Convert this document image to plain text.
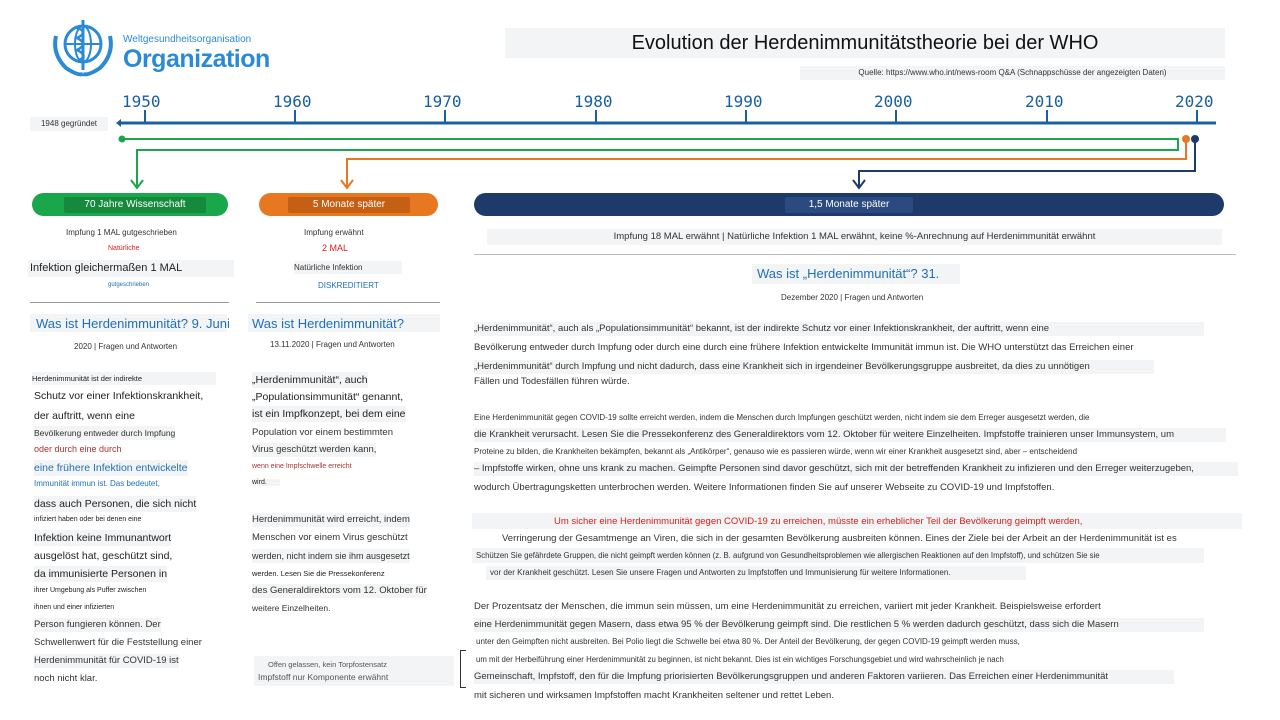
Weltgesundheitsorganisation
Organization
Evolution der Herdenimmunitätstheorie bei der WHO
Quelle: https://www.who.int/news-room Q&A (Schnappschüsse der angezeigten Daten)
1950	1960	1970	1980	1990	2000	2010	2020
1948 gegründet
70 Jahre Wissenschaft	5 Monate später	1,5 Monate später
Impfung 1 MAL gutgeschrieben
Natürliche
Infektion gleichermaßen 1 MAL
gutgeschrieben
Was ist Herdenimmunität? 9. Juni
2020 | Fragen und Antworten
Herdenimmunität ist der indirekte
Schutz vor einer Infektionskrankheit,
der auftritt, wenn eine
Bevölkerung entweder durch Impfung
oder durch eine durch
eine frühere Infektion entwickelte
Immunität immun ist. Das bedeutet,
dass auch Personen, die sich nicht
infiziert haben oder bei denen eine
Infektion keine Immunantwort
ausgelöst hat, geschützt sind,
da immunisierte Personen in
ihrer Umgebung als Puffer zwischen
ihnen und einer infizierten
Person fungieren können. Der
Schwellenwert für die Feststellung einer
Herdenimmunität für COVID-19 ist
noch nicht klar.
Impfung erwähnt
2 MAL
Natürliche Infektion
DISKREDITIERT
Was ist Herdenimmunität?
13.11.2020 | Fragen und Antworten
„Herdenimmunität“, auch
„Populationsimmunität“ genannt,
ist ein Impfkonzept, bei dem eine
Population vor einem bestimmten
Virus geschützt werden kann,
wenn eine Impfschwelle erreicht
wird.
Herdenimmunität wird erreicht, indem
Menschen vor einem Virus geschützt
werden, nicht indem sie ihm ausgesetzt
werden. Lesen Sie die Pressekonferenz
des Generaldirektors vom 12. Oktober für
weitere Einzelheiten.
Offen gelassen, kein Torpfostensatz
Impfstoff nur Komponente erwähnt
Impfung 18 MAL erwähnt | Natürliche Infektion 1 MAL erwähnt, keine %-Anrechnung auf Herdenimmunität erwähnt
Was ist „Herdenimmunität“? 31.
Dezember 2020 | Fragen und Antworten
„Herdenimmunität“, auch als „Populationsimmunität“ bekannt, ist der indirekte Schutz vor einer Infektionskrankheit, der auftritt, wenn eine
Bevölkerung entweder durch Impfung oder durch eine durch eine frühere Infektion entwickelte Immunität immun ist. Die WHO unterstützt das Erreichen einer
„Herdenimmunität“ durch Impfung und nicht dadurch, dass eine Krankheit sich in irgendeiner Bevölkerungsgruppe ausbreitet, da dies zu unnötigen
Fällen und Todesfällen führen würde.
Eine Herdenimmunität gegen COVID-19 sollte erreicht werden, indem die Menschen durch Impfungen geschützt werden, nicht indem sie dem Erreger ausgesetzt werden, die
die Krankheit verursacht. Lesen Sie die Pressekonferenz des Generaldirektors vom 12. Oktober für weitere Einzelheiten. Impfstoffe trainieren unser Immunsystem, um
Proteine zu bilden, die Krankheiten bekämpfen, bekannt als „Antikörper“, genauso wie es passieren würde, wenn wir einer Krankheit ausgesetzt sind, aber – entscheidend
– Impfstoffe wirken, ohne uns krank zu machen. Geimpfte Personen sind davor geschützt, sich mit der betreffenden Krankheit zu infizieren und den Erreger weiterzugeben,
wodurch Übertragungsketten unterbrochen werden. Weitere Informationen finden Sie auf unserer Webseite zu COVID-19 und Impfstoffen.
Um sicher eine Herdenimmunität gegen COVID-19 zu erreichen, müsste ein erheblicher Teil der Bevölkerung geimpft werden,
Verringerung der Gesamtmenge an Viren, die sich in der gesamten Bevölkerung ausbreiten können. Eines der Ziele bei der Arbeit an der Herdenimmunität ist es
Schützen Sie gefährdete Gruppen, die nicht geimpft werden können (z. B. aufgrund von Gesundheitsproblemen wie allergischen Reaktionen auf den Impfstoff), und schützen Sie sie
vor der Krankheit geschützt. Lesen Sie unsere Fragen und Antworten zu Impfstoffen und Immunisierung für weitere Informationen.
Der Prozentsatz der Menschen, die immun sein müssen, um eine Herdenimmunität zu erreichen, variiert mit jeder Krankheit. Beispielsweise erfordert
eine Herdenimmunität gegen Masern, dass etwa 95 % der Bevölkerung geimpft sind. Die restlichen 5 % werden dadurch geschützt, dass sich die Masern
unter den Geimpften nicht ausbreiten. Bei Polio liegt die Schwelle bei etwa 80 %. Der Anteil der Bevölkerung, der gegen COVID-19 geimpft werden muss,
um mit der Herbeiführung einer Herdenimmunität zu beginnen, ist nicht bekannt. Dies ist ein wichtiges Forschungsgebiet und wird wahrscheinlich je nach
Gemeinschaft, Impfstoff, den für die Impfung priorisierten Bevölkerungsgruppen und anderen Faktoren variieren. Das Erreichen einer Herdenimmunität
mit sicheren und wirksamen Impfstoffen macht Krankheiten seltener und rettet Leben.
